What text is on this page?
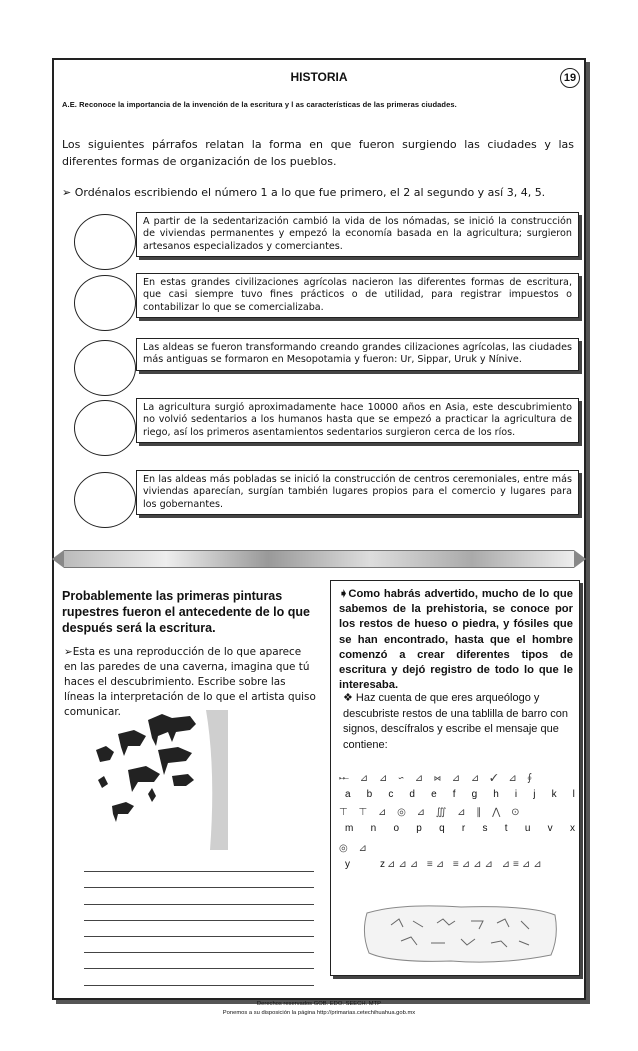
HISTORIA	19
A.E. Reconoce la importancia de la invención de la escritura y l as características de las primeras ciudades.
Los siguientes párrafos relatan la forma en que fueron surgiendo las ciudades y las diferentes formas de organización de los pueblos.
➢ Ordénalos escribiendo el número 1 a lo que fue primero, el 2 al segundo y así 3, 4, 5.
A partir de la sedentarización cambió la vida de los nómadas, se inició la construcción de viviendas permanentes y empezó la economía basada en la agricultura; surgieron artesanos especializados y comerciantes.
En estas grandes civilizaciones agrícolas nacieron las diferentes formas de escritura, que casi siempre tuvo fines prácticos o de utilidad, para registrar impuestos o contabilizar lo que se comercializaba.
Las aldeas se fueron transformando creando grandes cilizaciones agrícolas, las ciudades más antiguas se formaron en Mesopotamia y fueron: Ur, Sippar, Uruk y Nínive.
La agricultura surgió aproximadamente hace 10000 años en Asia, este descubrimiento no volvió sedentarios a los humanos hasta que se empezó a practicar la agricultura de riego, así los primeros asentamientos sedentarios surgieron cerca de los ríos.
En las aldeas más pobladas se inició la construcción de centros ceremoniales, entre más viviendas aparecían, surgían también lugares propios para el comercio y lugares para los gobernantes.
Probablemente las primeras pinturas rupestres fueron el antecedente de lo que después será la escritura.
➢Esta es una reproducción de lo que aparece en las paredes de una caverna, imagina que tú haces el descubrimiento. Escribe sobre las líneas la interpretación de lo que el artista quiso comunicar.
➧Como habrás advertido, mucho de lo que sabemos de la prehistoria, se conoce por los restos de hueso o piedra, y fósiles que se han encontrado, hasta que el hombre comenzó a crear diferentes tipos de escritura y dejó registro de todo lo que le interesaba.
❖ Haz cuenta de que eres arqueólogo y descubriste restos de una tablilla de barro con signos, descífralos y escribe el mensaje que contiene:
𐎀 ⊿ ⊿ ∽ ⊿ ⋈ ⊿ ⊿ ✓ ⊿ ∮
a b c d e f g h i j k l
⊤ ⊤ ⊿ ◎ ⊿ ∭ ⊿ ∥ ⋀ ⊙
m n o p q r s t u v x
◎ ⊿
y	z ⊿⊿⊿ ≡⊿ ≡⊿⊿⊿ ⊿≡⊿⊿
Derechos reservados GOB. EDO. SEECH. MTP
Ponemos a su disposición la página http://primarias.cetechihuahua.gob.mx
